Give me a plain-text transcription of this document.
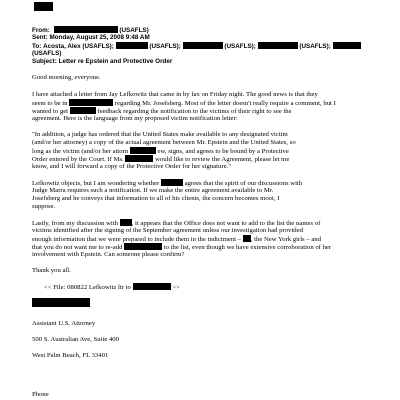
From:	(USAFLS)
Sent: Monday, August 25, 2008 9:48 AM
To: Acosta, Alex (USAFLS);	(USAFLS);	(USAFLS);	(USAFLS);
(USAFLS)
Subject: Letter re Epstein and Protective Order
Good morning, everyone.
I have attached a letter from Jay Lefkowitz that came in by fax on Friday night. The good news is that they
seem to be in	regarding Mr. Josefsberg. Most of the letter doesn't really require a comment, but I
wanted to get	feedback regarding the notification to the victims of their right to see the
agreement. Here is the language from my proposed victim notification letter:
"In addition, a judge has ordered that the United States make available to any designated victim
(and/or her attorney) a copy of the actual agreement between Mr. Epstein and the United States, so
long as the victim (and/or her attorn	ew, signs, and agrees to be bound by a Protective
Order entered by the Court. If Ms.	would like to review the Agreement, please let me
know, and I will forward a copy of the Protective Order for her signature."
Lefkowitz objects, but I am wondering whether	agrees that the spirit of our discussions with
Judge Marra requires such a notification. If we make the entire agreement available to Mr.
Josefsberg and he conveys that information to all of his clients, the concern becomes moot, I
suppose.
Lastly, from my discussion with , it appears that the Office does not want to add to the list the names of
victims identified after the signing of the September agreement unless our investigation had provided
enough information that we were prepared to include them in the indictment – , the New York girls – and
that you do not want me to re-add	to the list, even though we have extensive corroboration of her
involvement with Epstein. Can someone please confirm?
Thank you all.
<< File: 080822 Lefkowitz ltr to	>>
Assistant U.S. Attorney
500 S. Australian Ave, Suite 400
West Palm Beach, FL 33401
Phone
